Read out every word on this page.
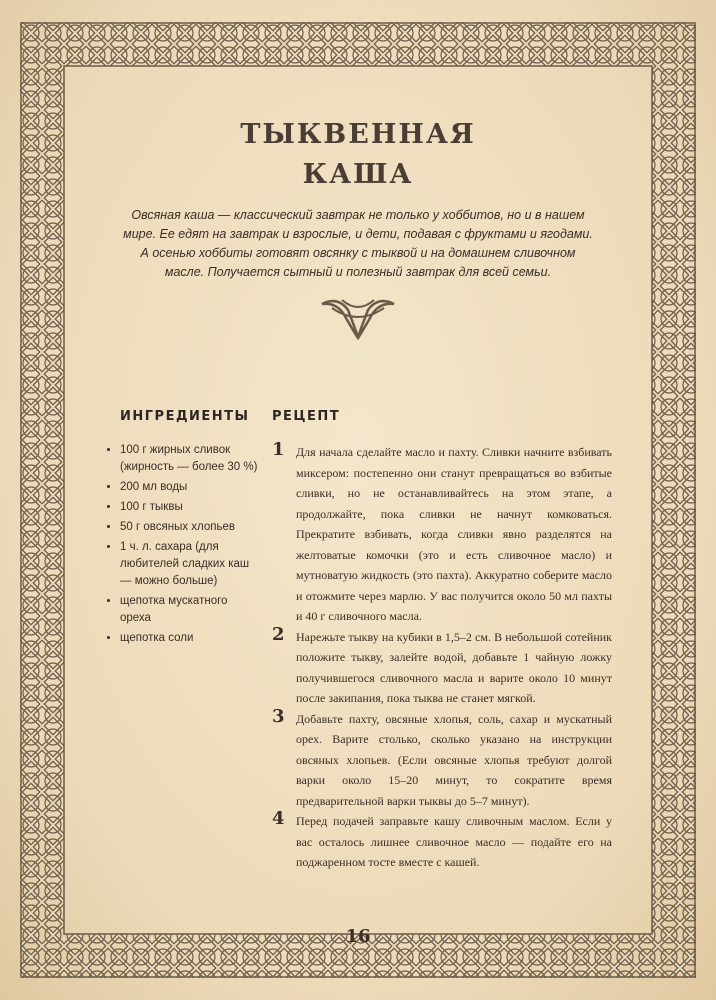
тыквенная
каша
Овсяная каша — классический завтрак не только у хоббитов, но и в нашем мире. Ее едят на завтрак и взрослые, и дети, подавая с фруктами и ягодами. А осенью хоббиты готовят овсянку с тыквой и на домашнем сливочном масле. Получается сытный и полезный завтрак для всей семьи.
ИНГРЕДИЕНТЫ РЕЦЕПТ
• 100 г жирных сливок (жирность — более 30 %)
• 200 мл воды
• 100 г тыквы
• 50 г овсяных хлопьев
• 1 ч. л. сахара (для любителей сладких каш — можно больше)
• щепотка мускатного ореха
• щепотка соли
1 Для начала сделайте масло и пахту. Сливки начните взбивать миксером: постепенно они станут превращаться во взбитые сливки, но не останавливайтесь на этом этапе, а продолжайте, пока сливки не начнут комковаться. Прекратите взбивать, когда сливки явно разделятся на желтоватые комочки (это и есть сливочное масло) и мутноватую жидкость (это пахта). Аккуратно соберите масло и отожмите через марлю. У вас получится около 50 мл пахты и 40 г сливочного масла.
2 Нарежьте тыкву на кубики в 1,5–2 см. В небольшой сотейник положите тыкву, залейте водой, добавьте 1 чайную ложку получившегося сливочного масла и варите около 10 минут после закипания, пока тыква не станет мягкой.
3 Добавьте пахту, овсяные хлопья, соль, сахар и мускатный орех. Варите столько, сколько указано на инструкции овсяных хлопьев. (Если овсяные хлопья требуют долгой варки около 15–20 минут, то сократите время предварительной варки тыквы до 5–7 минут).
4 Перед подачей заправьте кашу сливочным маслом. Если у вас осталось лишнее сливочное масло — подайте его на поджаренном тосте вместе с кашей.
16
